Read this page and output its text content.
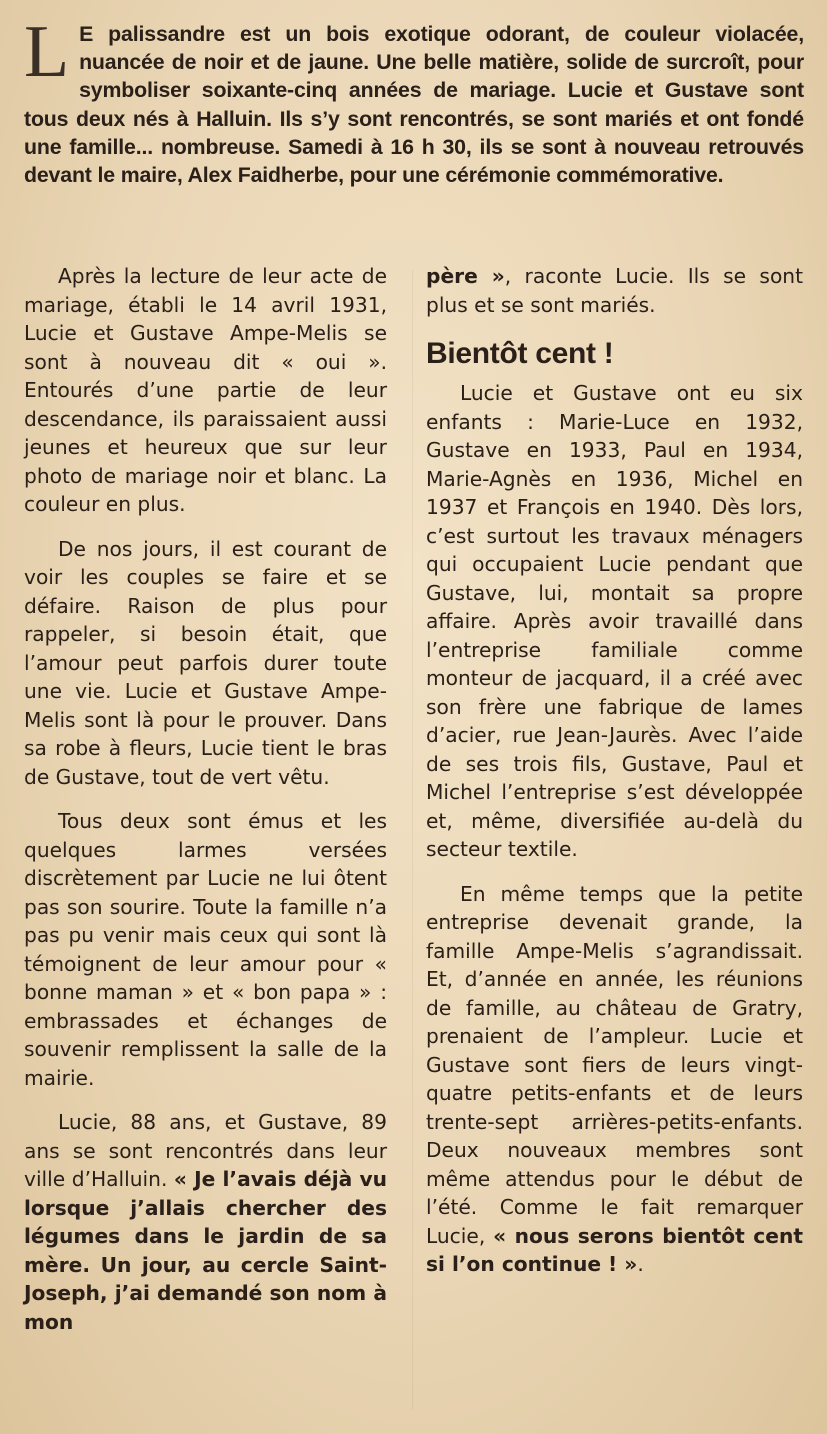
L E palissandre est un bois exotique odorant, de couleur violacée, nuancée de noir et de jaune. Une belle matière, solide de surcroît, pour symboliser soixante-cinq années de mariage. Lucie et Gustave sont tous deux nés à Halluin. Ils s’y sont rencontrés, se sont mariés et ont fondé une famille... nombreuse. Samedi à 16 h 30, ils se sont à nouveau retrouvés devant le maire, Alex Faidherbe, pour une cérémonie commémorative.

Après la lecture de leur acte de mariage, établi le 14 avril 1931, Lucie et Gustave Ampe-Melis se sont à nouveau dit « oui ». Entourés d’une partie de leur descendance, ils paraissaient aussi jeunes et heureux que sur leur photo de mariage noir et blanc. La couleur en plus.

De nos jours, il est courant de voir les couples se faire et se défaire. Raison de plus pour rappeler, si besoin était, que l’amour peut parfois durer toute une vie. Lucie et Gustave Ampe-Melis sont là pour le prouver. Dans sa robe à fleurs, Lucie tient le bras de Gustave, tout de vert vêtu.

Tous deux sont émus et les quelques larmes versées discrètement par Lucie ne lui ôtent pas son sourire. Toute la famille n’a pas pu venir mais ceux qui sont là témoignent de leur amour pour « bonne maman » et « bon papa » : embrassades et échanges de souvenir remplissent la salle de la mairie.

Lucie, 88 ans, et Gustave, 89 ans se sont rencontrés dans leur ville d’Halluin. « Je l’avais déjà vu lorsque j’allais chercher des légumes dans le jardin de sa mère. Un jour, au cercle Saint-Joseph, j’ai demandé son nom à mon

père », raconte Lucie. Ils se sont plus et se sont mariés.

Bientôt cent !

Lucie et Gustave ont eu six enfants : Marie-Luce en 1932, Gustave en 1933, Paul en 1934, Marie-Agnès en 1936, Michel en 1937 et François en 1940. Dès lors, c’est surtout les travaux ménagers qui occupaient Lucie pendant que Gustave, lui, montait sa propre affaire. Après avoir travaillé dans l’entreprise familiale comme monteur de jacquard, il a créé avec son frère une fabrique de lames d’acier, rue Jean-Jaurès. Avec l’aide de ses trois fils, Gustave, Paul et Michel l’entreprise s’est développée et, même, diversifiée au-delà du secteur textile.

En même temps que la petite entreprise devenait grande, la famille Ampe-Melis s’agrandissait. Et, d’année en année, les réunions de famille, au château de Gratry, prenaient de l’ampleur. Lucie et Gustave sont fiers de leurs vingt-quatre petits-enfants et de leurs trente-sept arrières-petits-enfants. Deux nouveaux membres sont même attendus pour le début de l’été. Comme le fait remarquer Lucie, « nous serons bientôt cent si l’on continue ! ».
